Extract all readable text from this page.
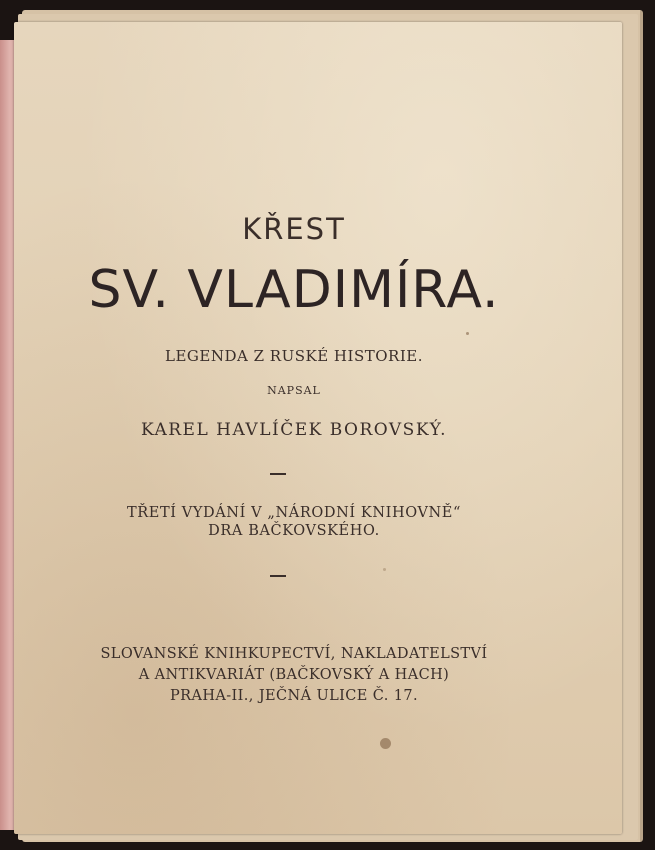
KŘEST
SV. VLADIMÍRA.
LEGENDA Z RUSKÉ HISTORIE.
NAPSAL
KAREL HAVLÍČEK BOROVSKÝ.
TŘETÍ VYDÁNÍ V „NÁRODNÍ KNIHOVNĚ“
DRA BAČKOVSKÉHO.
SLOVANSKÉ KNIHKUPECTVÍ, NAKLADATELSTVÍ
A ANTIKVARIÁT (BAČKOVSKÝ A HACH)
PRAHA-II., JEČNÁ ULICE Č. 17.
